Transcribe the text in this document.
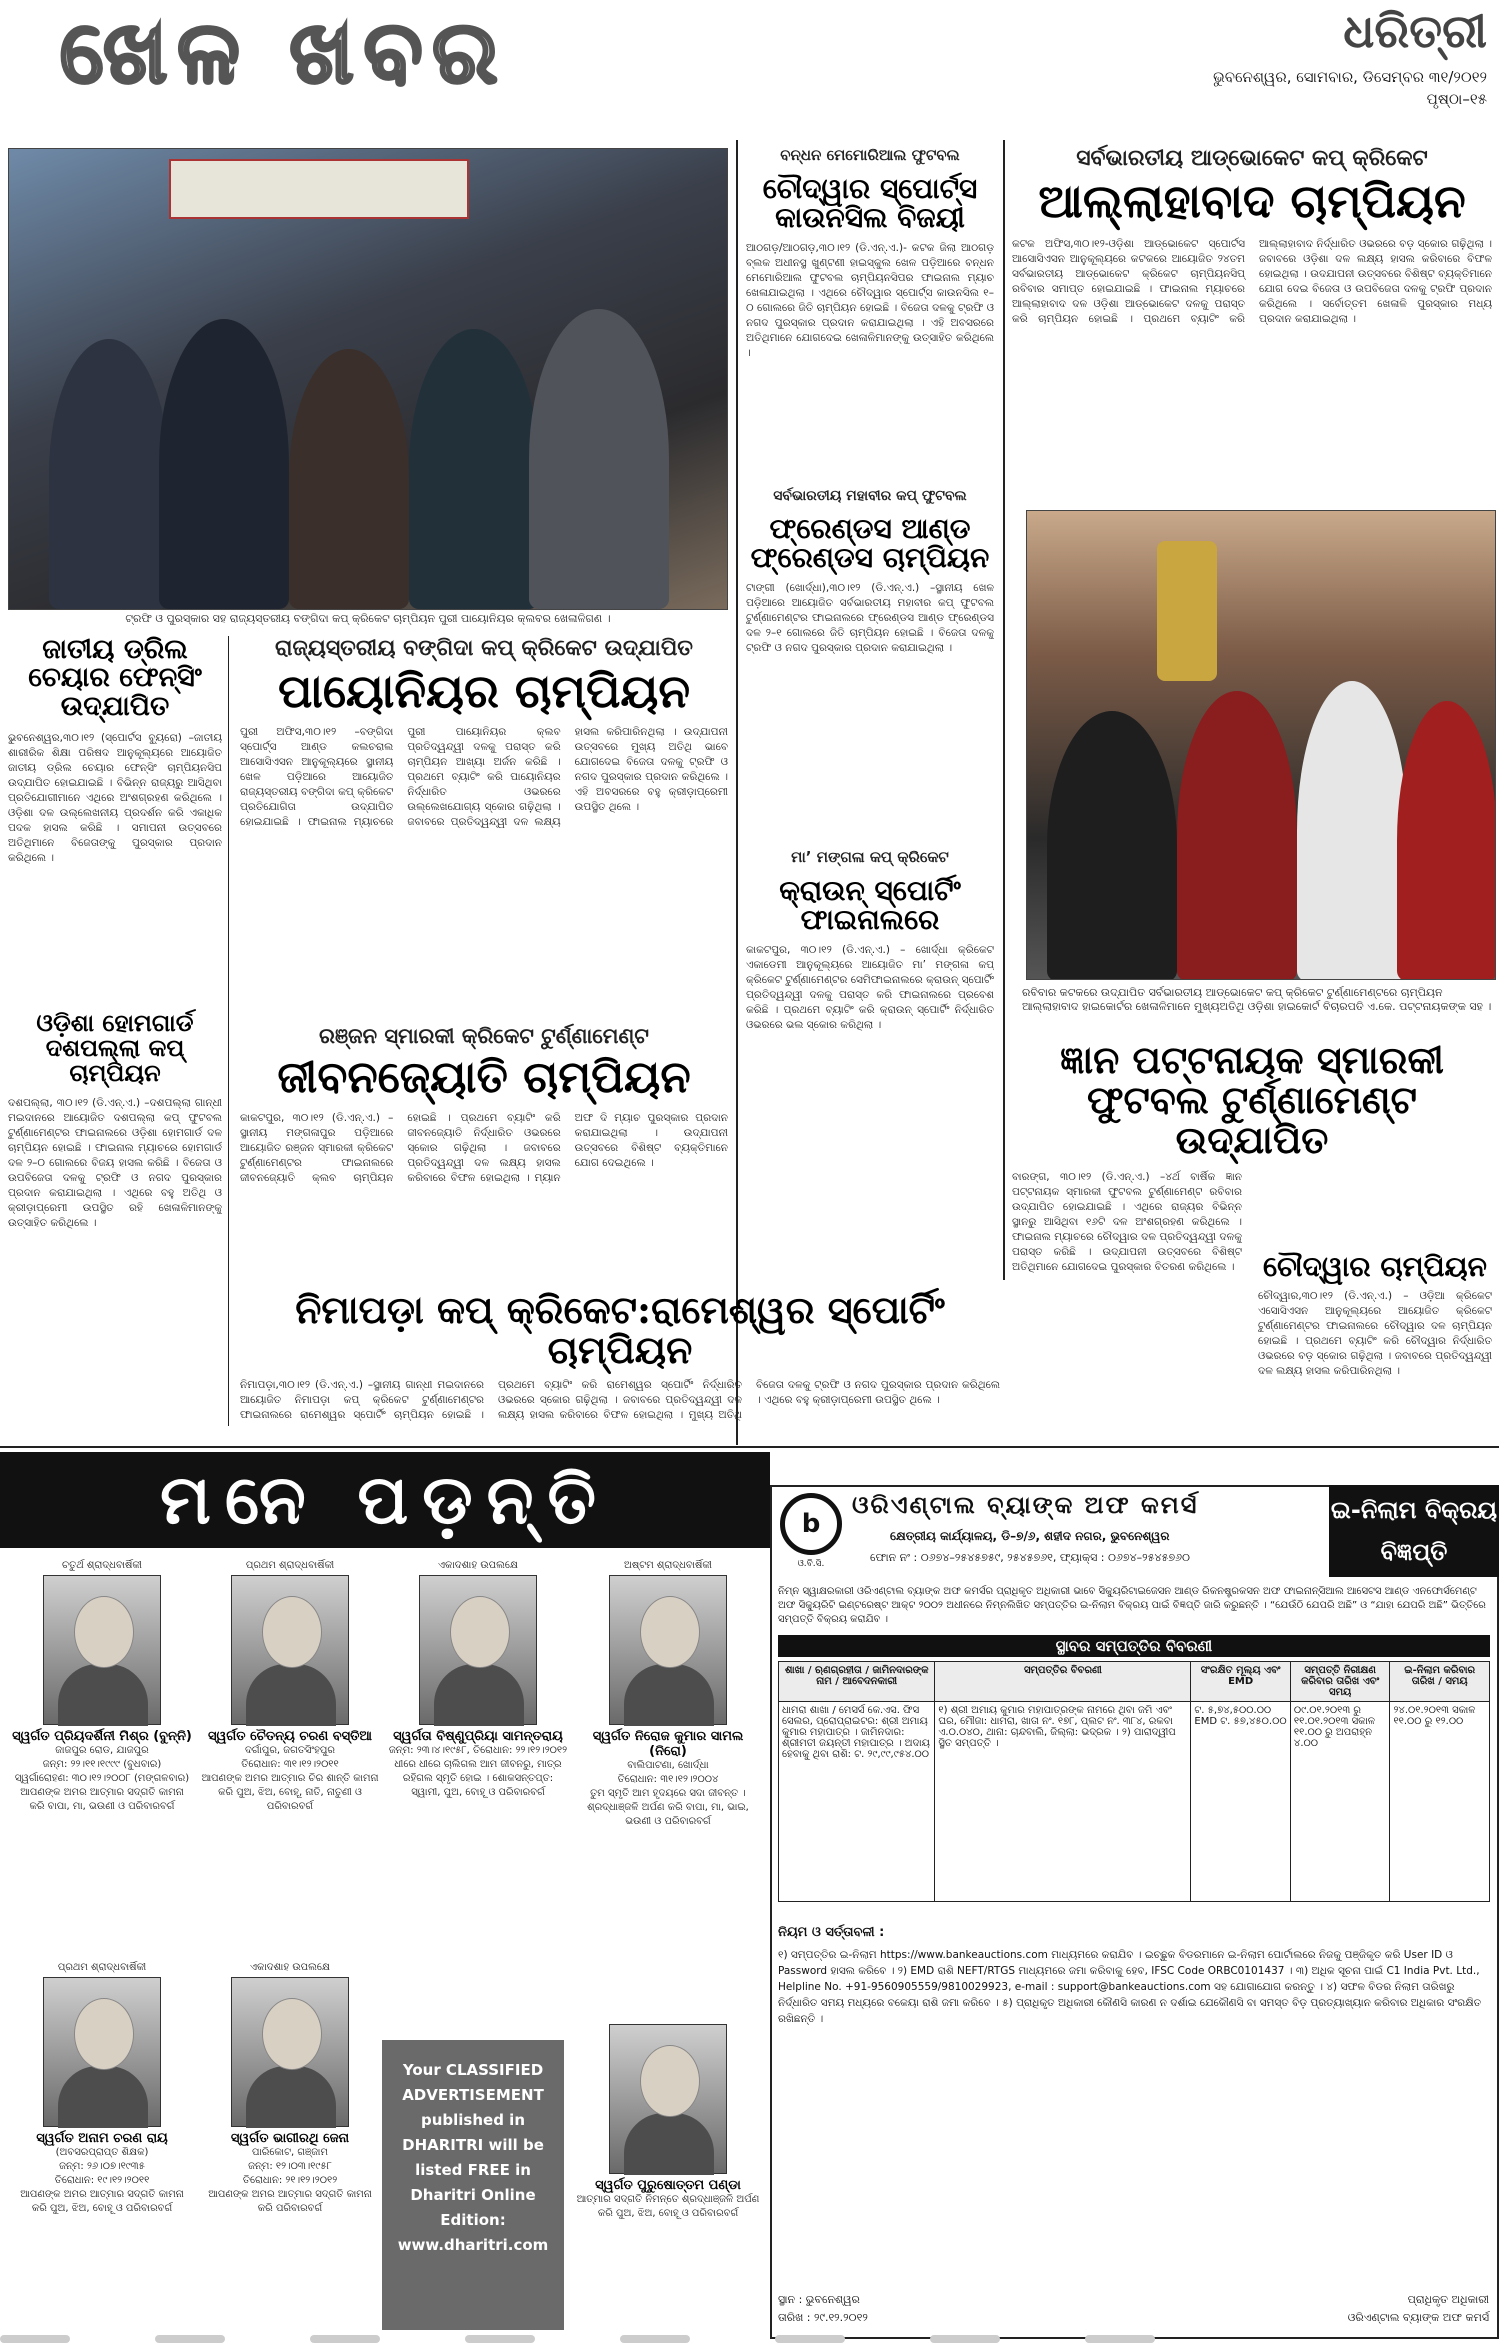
ଖେଳ ଖବର	ଧରିତ୍ରୀ
ଭୁବନେଶ୍ୱର, ସୋମବାର, ଡିସେମ୍ବର ୩୧/୨୦୧୨
ପୃଷ୍ଠା–୧୫
ଟ୍ରଫି ଓ ପୁରସ୍କାର ସହ ରାଜ୍ୟସ୍ତରୀୟ ବଙ୍ଗିଦା କପ୍ କ୍ରିକେଟ ଚାମ୍ପିୟନ ପୁରୀ ପାୟୋନିୟର କ୍ଲବର ଖେଳାଳିଗଣ ।
ବନ୍ଧନ ମେମୋରିଆଲ ଫୁଟବଲ
ଚୌଦ୍ୱାର ସ୍ପୋର୍ଟ୍ସ କାଉନସିଲ ବିଜୟୀ
ଆଠଗଡ଼/ଆଠଗଡ଼,୩୦।୧୨ (ଡି.ଏନ୍.ଏ.)- କଟକ ଜିଲା ଆଠଗଡ଼ ବ୍ଲକ ଅଧୀନସ୍ଥ ଖୁଣ୍ଟଣୀ ହାଇସ୍କୁଲ ଖେଳ ପଡ଼ିଆରେ ବନ୍ଧନ ମେମୋରିଆଲ ଫୁଟବଲ ଚାମ୍ପିୟନସିପର ଫାଇନାଲ ମ୍ୟାଚ ଖେଳାଯାଇଥିଲା । ଏଥିରେ ଚୌଦ୍ୱାର ସ୍ପୋର୍ଟ୍ସ କାଉନସିଲ ୧–୦ ଗୋଲରେ ଜିତି ଚାମ୍ପିୟନ ହୋଇଛି । ବିଜେତା ଦଳକୁ ଟ୍ରଫି ଓ ନଗଦ ପୁରସ୍କାର ପ୍ରଦାନ କରାଯାଇଥିଲା । ଏହି ଅବସରରେ ଅତିଥିମାନେ ଯୋଗଦେଇ ଖେଳାଳିମାନଙ୍କୁ ଉତ୍ସାହିତ କରିଥିଲେ ।
ସର୍ବଭାରତୀୟ ମହାବୀର କପ୍ ଫୁଟବଲ
ଫ୍ରେଣ୍ଡସ ଆଣ୍ଡ ଫ୍ରେଣ୍ଡସ ଚାମ୍ପିୟନ
ଟାଙ୍ଗୀ (ଖୋର୍ଦ୍ଧା),୩୦।୧୨ (ଡି.ଏନ୍.ଏ.) –ସ୍ଥାନୀୟ ଖେଳ ପଡ଼ିଆରେ ଆୟୋଜିତ ସର୍ବଭାରତୀୟ ମହାବୀର କପ୍ ଫୁଟବଲ ଟୁର୍ଣ୍ଣାମେଣ୍ଟର ଫାଇନାଲରେ ଫ୍ରେଣ୍ଡସ ଆଣ୍ଡ ଫ୍ରେଣ୍ଡସ ଦଳ ୨–୧ ଗୋଲରେ ଜିତି ଚାମ୍ପିୟନ ହୋଇଛି । ବିଜେତା ଦଳକୁ ଟ୍ରଫି ଓ ନଗଦ ପୁରସ୍କାର ପ୍ରଦାନ କରାଯାଇଥିଲା ।
ମା’ ମଙ୍ଗଳା କପ୍ କ୍ରିକେଟ
କ୍ରାଉନ୍ ସ୍ପୋର୍ଟିଂ ଫାଇନାଲରେ
କାକଟପୁର, ୩୦।୧୨ (ଡି.ଏନ୍.ଏ.) – ଖୋର୍ଦ୍ଧା କ୍ରିକେଟ ଏକାଡେମୀ ଆନୁକୂଲ୍ୟରେ ଆୟୋଜିତ ମା’ ମଙ୍ଗଳା କପ୍ କ୍ରିକେଟ ଟୁର୍ଣ୍ଣାମେଣ୍ଟର ସେମିଫାଇନାଲରେ କ୍ରାଉନ୍ ସ୍ପୋର୍ଟିଂ ପ୍ରତିଦ୍ୱନ୍ଦ୍ୱୀ ଦଳକୁ ପରାସ୍ତ କରି ଫାଇନାଲରେ ପ୍ରବେଶ କରିଛି । ପ୍ରଥମେ ବ୍ୟାଟିଂ କରି କ୍ରାଉନ୍ ସ୍ପୋର୍ଟିଂ ନିର୍ଦ୍ଧାରିତ ଓଭରରେ ଭଲ ସ୍କୋର କରିଥିଲା ।
ସର୍ବଭାରତୀୟ ଆଡ୍‌ଭୋକେଟ କପ୍ କ୍ରିକେଟ
ଆଲ୍ଲାହାବାଦ ଚାମ୍ପିୟନ
କଟକ ଅଫିସ,୩୦।୧୨-ଓଡ଼ିଶା ଆଡ୍‌ଭୋକେଟ ସ୍ପୋର୍ଟସ ଆସୋସିଏସନ ଆନୁକୂଲ୍ୟରେ କଟକରେ ଆୟୋଜିତ ୨୪ତମ ସର୍ବଭାରତୀୟ ଆଡ୍‌ଭୋକେଟ କ୍ରିକେଟ ଚାମ୍ପିୟନସିପ୍ ରବିବାର ସମାପ୍ତ ହୋଇଯାଇଛି । ଫାଇନାଲ ମ୍ୟାଚରେ ଆଲ୍ଲାହାବାଦ ଦଳ ଓଡ଼ିଶା ଆଡ୍‌ଭୋକେଟ ଦଳକୁ ପରାସ୍ତ କରି ଚାମ୍ପିୟନ ହୋଇଛି । ପ୍ରଥମେ ବ୍ୟାଟିଂ କରି ଆଲ୍ଲାହାବାଦ ନିର୍ଦ୍ଧାରିତ ଓଭରରେ ବଡ଼ ସ୍କୋର ଗଢ଼ିଥିଲା । ଜବାବରେ ଓଡ଼ିଶା ଦଳ ଲକ୍ଷ୍ୟ ହାସଲ କରିବାରେ ବିଫଳ ହୋଇଥିଲା । ଉଦଯାପନୀ ଉତ୍ସବରେ ବିଶିଷ୍ଟ ବ୍ୟକ୍ତିମାନେ ଯୋଗ ଦେଇ ବିଜେତା ଓ ଉପବିଜେତା ଦଳକୁ ଟ୍ରଫି ପ୍ରଦାନ କରିଥିଲେ । ସର୍ବୋତ୍ତମ ଖେଳାଳି ପୁରସ୍କାର ମଧ୍ୟ ପ୍ରଦାନ କରାଯାଇଥିଲା ।
ରବିବାର କଟକରେ ଉଦ୍‌ଯାପିତ ସର୍ବଭାରତୀୟ ଆଡ୍‌ଭୋକେଟ କପ୍ କ୍ରିକେଟ ଟୁର୍ଣ୍ଣାମେଣ୍ଟରେ ଚାମ୍ପିୟନ ଆଲ୍ଲାହାବାଦ ହାଇକୋର୍ଟର ଖେଳାଳିମାନେ ମୁଖ୍ୟଅତିଥି ଓଡ଼ିଶା ହାଇକୋର୍ଟ ବିଚାରପତି ଏ.କେ. ପଟ୍ଟନାୟକଙ୍କ ସହ ।
ଜାତୀୟ ଡ୍ରିଲ ଚେୟାର ଫେନ୍ସିଂ ଉଦ୍‌ଯାପିତ
ଭୁବନେଶ୍ୱର,୩୦।୧୨ (ସ୍ପୋର୍ଟସ ବ୍ୟୁରୋ) –ଜାତୀୟ ଶାରୀରିକ ଶିକ୍ଷା ପରିଷଦ ଆନୁକୂଲ୍ୟରେ ଆୟୋଜିତ ଜାତୀୟ ଡ୍ରିଲ ଚେୟାର ଫେନ୍ସିଂ ଚାମ୍ପିୟନସିପ ଉଦ୍‌ଯାପିତ ହୋଇଯାଇଛି । ବିଭିନ୍ନ ରାଜ୍ୟରୁ ଆସିଥିବା ପ୍ରତିଯୋଗୀମାନେ ଏଥିରେ ଅଂଶଗ୍ରହଣ କରିଥିଲେ । ଓଡ଼ିଶା ଦଳ ଉଲ୍ଲେଖନୀୟ ପ୍ରଦର୍ଶନ କରି ଏକାଧିକ ପଦକ ହାସଲ କରିଛି । ସମାପନୀ ଉତ୍ସବରେ ଅତିଥିମାନେ ବିଜେତାଙ୍କୁ ପୁରସ୍କାର ପ୍ରଦାନ କରିଥିଲେ ।
ରାଜ୍ୟସ୍ତରୀୟ ବଙ୍ଗିଦା କପ୍ କ୍ରିକେଟ ଉଦ୍‌ଯାପିତ
ପାୟୋନିୟର ଚାମ୍ପିୟନ
ପୁରୀ ଅଫିସ,୩୦।୧୨ –ବଙ୍ଗିଦା ସ୍ପୋର୍ଟ୍ସ ଆଣ୍ଡ କଲଚରାଲ ଆସୋସିଏସନ ଆନୁକୂଲ୍ୟରେ ସ୍ଥାନୀୟ ଖେଳ ପଡ଼ିଆରେ ଆୟୋଜିତ ରାଜ୍ୟସ୍ତରୀୟ ବଙ୍ଗିଦା କପ୍ କ୍ରିକେଟ ପ୍ରତିଯୋଗିତା ଉଦ୍‌ଯାପିତ ହୋଇଯାଇଛି । ଫାଇନାଲ ମ୍ୟାଚରେ ପୁରୀ ପାୟୋନିୟର କ୍ଲବ ପ୍ରତିଦ୍ୱନ୍ଦ୍ୱୀ ଦଳକୁ ପରାସ୍ତ କରି ଚାମ୍ପିୟନ ଆଖ୍ୟା ଅର୍ଜନ କରିଛି । ପ୍ରଥମେ ବ୍ୟାଟିଂ କରି ପାୟୋନିୟର ନିର୍ଦ୍ଧାରିତ ଓଭରରେ ଉଲ୍ଲେଖଯୋଗ୍ୟ ସ୍କୋର ଗଢ଼ିଥିଲା । ଜବାବରେ ପ୍ରତିଦ୍ୱନ୍ଦ୍ୱୀ ଦଳ ଲକ୍ଷ୍ୟ ହାସଲ କରିପାରିନଥିଲା । ଉଦ୍‌ଯାପନୀ ଉତ୍ସବରେ ମୁଖ୍ୟ ଅତିଥି ଭାବେ ଯୋଗଦେଇ ବିଜେତା ଦଳକୁ ଟ୍ରଫି ଓ ନଗଦ ପୁରସ୍କାର ପ୍ରଦାନ କରିଥିଲେ । ଏହି ଅବସରରେ ବହୁ କ୍ରୀଡ଼ାପ୍ରେମୀ ଉପସ୍ଥିତ ଥିଲେ ।
ଓଡ଼ିଶା ହୋମଗାର୍ଡ ଦଶପଲ୍ଲା କପ୍ ଚାମ୍ପିୟନ
ଦଶପଲ୍ଲା, ୩୦।୧୨ (ଡି.ଏନ୍.ଏ.) –ଦଶପଲ୍ଲା ଗାନ୍ଧୀ ମଇଦାନରେ ଆୟୋଜିତ ଦଶପଲ୍ଲା କପ୍ ଫୁଟବଲ ଟୁର୍ଣ୍ଣାମେଣ୍ଟର ଫାଇନାଲରେ ଓଡ଼ିଶା ହୋମଗାର୍ଡ ଦଳ ଚାମ୍ପିୟନ ହୋଇଛି । ଫାଇନାଲ ମ୍ୟାଚରେ ହୋମଗାର୍ଡ ଦଳ ୨–୦ ଗୋଲରେ ବିଜୟ ହାସଲ କରିଛି । ବିଜେତା ଓ ଉପବିଜେତା ଦଳକୁ ଟ୍ରଫି ଓ ନଗଦ ପୁରସ୍କାର ପ୍ରଦାନ କରାଯାଇଥିଲା । ଏଥିରେ ବହୁ ଅତିଥି ଓ କ୍ରୀଡ଼ାପ୍ରେମୀ ଉପସ୍ଥିତ ରହି ଖେଳାଳିମାନଙ୍କୁ ଉତ୍ସାହିତ କରିଥିଲେ ।
ରଞ୍ଜନ ସ୍ମାରକୀ କ୍ରିକେଟ ଟୁର୍ଣ୍ଣାମେଣ୍ଟ
ଜୀବନଜ୍ୟୋତି ଚାମ୍ପିୟନ
କାକଟପୁର, ୩୦।୧୨ (ଡି.ଏନ୍.ଏ.) –ସ୍ଥାନୀୟ ମଙ୍ଗଳାପୁର ପଡ଼ିଆରେ ଆୟୋଜିତ ରଞ୍ଜନ ସ୍ମାରକୀ କ୍ରିକେଟ ଟୁର୍ଣ୍ଣାମେଣ୍ଟର ଫାଇନାଲରେ ଜୀବନଜ୍ୟୋତି କ୍ଲବ ଚାମ୍ପିୟନ ହୋଇଛି । ପ୍ରଥମେ ବ୍ୟାଟିଂ କରି ଜୀବନଜ୍ୟୋତି ନିର୍ଦ୍ଧାରିତ ଓଭରରେ ସ୍କୋର ଗଢ଼ିଥିଲା । ଜବାବରେ ପ୍ରତିଦ୍ୱନ୍ଦ୍ୱୀ ଦଳ ଲକ୍ଷ୍ୟ ହାସଲ କରିବାରେ ବିଫଳ ହୋଇଥିଲା । ମ୍ୟାନ ଅଫ ଦି ମ୍ୟାଚ ପୁରସ୍କାର ପ୍ରଦାନ କରାଯାଇଥିଲା । ଉଦ୍‌ଯାପନୀ ଉତ୍ସବରେ ବିଶିଷ୍ଟ ବ୍ୟକ୍ତିମାନେ ଯୋଗ ଦେଇଥିଲେ ।
ଜ୍ଞାନ ପଟ୍ଟନାୟକ ସ୍ମାରକୀ ଫୁଟବଲ ଟୁର୍ଣ୍ଣାମେଣ୍ଟ ଉଦ୍‌ଯାପିତ
ବାରଙ୍ଗ, ୩୦।୧୨ (ଡି.ଏନ୍.ଏ.) –୪ର୍ଥ ବାର୍ଷିକ ଜ୍ଞାନ ପଟ୍ଟନାୟକ ସ୍ମାରକୀ ଫୁଟବଲ ଟୁର୍ଣ୍ଣାମେଣ୍ଟ ରବିବାର ଉଦ୍‌ଯାପିତ ହୋଇଯାଇଛି । ଏଥିରେ ରାଜ୍ୟର ବିଭିନ୍ନ ସ୍ଥାନରୁ ଆସିଥିବା ୧୬ଟି ଦଳ ଅଂଶଗ୍ରହଣ କରିଥିଲେ । ଫାଇନାଲ ମ୍ୟାଚରେ ଚୌଦ୍ୱାର ଦଳ ପ୍ରତିଦ୍ୱନ୍ଦ୍ୱୀ ଦଳକୁ ପରାସ୍ତ କରିଛି । ଉଦ୍‌ଯାପନୀ ଉତ୍ସବରେ ବିଶିଷ୍ଟ ଅତିଥିମାନେ ଯୋଗଦେଇ ପୁରସ୍କାର ବିତରଣ କରିଥିଲେ । ଚୌଦ୍ୱାର ଚାମ୍ପିୟନ
ଚୌଦ୍ୱାର,୩୦।୧୨ (ଡି.ଏନ୍.ଏ.) – ଓଡ଼ିଆ କ୍ରିକେଟ ଏସୋସିଏସନ ଆନୁକୂଲ୍ୟରେ ଆୟୋଜିତ କ୍ରିକେଟ ଟୁର୍ଣ୍ଣାମେଣ୍ଟର ଫାଇନାଲରେ ଚୌଦ୍ୱାର ଦଳ ଚାମ୍ପିୟନ ହୋଇଛି । ପ୍ରଥମେ ବ୍ୟାଟିଂ କରି ଚୌଦ୍ୱାର ନିର୍ଦ୍ଧାରିତ ଓଭରରେ ବଡ଼ ସ୍କୋର ଗଢ଼ିଥିଲା । ଜବାବରେ ପ୍ରତିଦ୍ୱନ୍ଦ୍ୱୀ ଦଳ ଲକ୍ଷ୍ୟ ହାସଲ କରିପାରିନଥିଲା ।
ନିମାପଡ଼ା କପ୍ କ୍ରିକେଟ:ରାମେଶ୍ୱର ସ୍ପୋର୍ଟିଂ ଚାମ୍ପିୟନ
ନିମାପଡ଼ା,୩୦।୧୨ (ଡି.ଏନ୍.ଏ.) –ସ୍ଥାନୀୟ ଗାନ୍ଧୀ ମଇଦାନରେ ଆୟୋଜିତ ନିମାପଡ଼ା କପ୍ କ୍ରିକେଟ ଟୁର୍ଣ୍ଣାମେଣ୍ଟର ଫାଇନାଲରେ ରାମେଶ୍ୱର ସ୍ପୋର୍ଟିଂ ଚାମ୍ପିୟନ ହୋଇଛି । ପ୍ରଥମେ ବ୍ୟାଟିଂ କରି ରାମେଶ୍ୱର ସ୍ପୋର୍ଟିଂ ନିର୍ଦ୍ଧାରିତ ଓଭରରେ ସ୍କୋର ଗଢ଼ିଥିଲା । ଜବାବରେ ପ୍ରତିଦ୍ୱନ୍ଦ୍ୱୀ ଦଳ ଲକ୍ଷ୍ୟ ହାସଲ କରିବାରେ ବିଫଳ ହୋଇଥିଲା । ମୁଖ୍ୟ ଅତିଥି ବିଜେତା ଦଳକୁ ଟ୍ରଫି ଓ ନଗଦ ପୁରସ୍କାର ପ୍ରଦାନ କରିଥିଲେ । ଏଥିରେ ବହୁ କ୍ରୀଡ଼ାପ୍ରେମୀ ଉପସ୍ଥିତ ଥିଲେ ।
ମନେ ପଡ଼ନ୍ତି
ଚତୁର୍ଥ ଶ୍ରାଦ୍ଧବାର୍ଷିକୀ
ସ୍ୱର୍ଗତ ପ୍ରିୟଦର୍ଶିନୀ ମିଶ୍ର (ବୁନ୍ନି)
ଜାଜପୁର ରୋଡ, ଯାଜପୁର
ଜନ୍ମ: ୨୨।୧୧।୧୯୯୯ (ବୁଧବାର)
ସ୍ୱର୍ଗାରୋହଣ: ୩୦।୧୨।୨୦୦୮ (ମଙ୍ଗଳବାର)
ଆପଣଙ୍କ ଅମର ଆତ୍ମାର ସଦ୍‌ଗତି କାମନା କରି ବାପା, ମା, ଭଉଣୀ ଓ ପରିବାରବର୍ଗ
ପ୍ରଥମ ଶ୍ରାଦ୍ଧବାର୍ଷିକୀ
ସ୍ୱର୍ଗତ ଚୈତନ୍ୟ ଚରଣ ବସ୍ତିଆ
ଦର୍ଗାପୁର, ଜଗତସିଂହପୁର
ତିରୋଧାନ: ୩୧।୧୨।୨୦୧୧
ଆପଣଙ୍କ ଅମର ଆତ୍ମାର ଚିର ଶାନ୍ତି କାମନା କରି ପୁଅ, ଝିଅ, ବୋହୂ, ନାତି, ନାତୁଣୀ ଓ ପରିବାରବର୍ଗ
ଏକାଦଶାହ ଉପଲକ୍ଷେ
ସ୍ୱର୍ଗତା ବିଷ୍ଣୁପ୍ରିୟା ସାମନ୍ତରାୟ
ଜନ୍ମ: ୨୩।୪।୧୯୫୮, ତିରୋଧାନ: ୨୨।୧୨।୨୦୧୨
ଧୀରେ ଧୀରେ ଚାଲିଗଲ ଆମ ଜୀବନରୁ, ମାତ୍ର ରହିଗଲ ସ୍ମୃତି ହୋଇ । ଶୋକସନ୍ତପ୍ତ: ସ୍ୱାମୀ, ପୁଅ, ବୋହୂ ଓ ପରିବାରବର୍ଗ
ଅଷ୍ଟମ ଶ୍ରାଦ୍ଧବାର୍ଷିକୀ
ସ୍ୱର୍ଗତ ନିରୋଜ କୁମାର ସାମଲ (ନିରୋ)
ବାଲିପାଟଣା, ଖୋର୍ଦ୍ଧା
ତିରୋଧାନ: ୩୧।୧୨।୨୦୦୪
ତୁମ ସ୍ମୃତି ଆମ ହୃଦୟରେ ସଦା ଜୀବନ୍ତ । ଶ୍ରଦ୍ଧାଞ୍ଜଳି ଅର୍ପଣ କରି ବାପା, ମା, ଭାଇ, ଭଉଣୀ ଓ ପରିବାରବର୍ଗ
ପ୍ରଥମ ଶ୍ରାଦ୍ଧବାର୍ଷିକୀ
ସ୍ୱର୍ଗତ ଅନାମ ଚରଣ ରାୟ
(ଅବସରପ୍ରାପ୍ତ ଶିକ୍ଷକ)
ଜନ୍ମ: ୨୬।୦୭।୧୯୩୫
ତିରୋଧାନ: ୧୯।୧୨।୨୦୧୧
ଆପଣଙ୍କ ଅମର ଆତ୍ମାର ସଦ୍‌ଗତି କାମନା କରି ପୁଅ, ଝିଅ, ବୋହୂ ଓ ପରିବାରବର୍ଗ
ଏକାଦଶାହ ଉପଲକ୍ଷେ
ସ୍ୱର୍ଗତ ଭାଗୀରଥି ଜେନା
ପାରିକୋଟ, ଗଞ୍ଜାମ
ଜନ୍ମ: ୧୨।୦୩।୧୯୫୮
ତିରୋଧାନ: ୨୧।୧୨।୨୦୧୨
ଆପଣଙ୍କ ଅମର ଆତ୍ମାର ସଦ୍‌ଗତି କାମନା କରି ପରିବାରବର୍ଗ
Your CLASSIFIED ADVERTISEMENT published in DHARITRI will be listed FREE in Dharitri Online Edition: www.dharitri.com
ସ୍ୱର୍ଗତ ପୁରୁଷୋତ୍ତମ ପଣ୍ଡା
ଆତ୍ମାର ସଦ୍‌ଗତି ନିମନ୍ତେ ଶ୍ରଦ୍ଧାଞ୍ଜଳି ଅର୍ପଣ କରି ପୁଅ, ଝିଅ, ବୋହୂ ଓ ପରିବାରବର୍ଗ
b
ଓ.ବି.ସି.
ଓରିଏଣ୍ଟାଲ ବ୍ୟାଙ୍କ ଅଫ କମର୍ସ
କ୍ଷେତ୍ରୀୟ କାର୍ଯ୍ୟାଳୟ, ଡି–୭/୬, ଶହୀଦ ନଗର, ଭୁବନେଶ୍ୱର
ଫୋନ ନଂ : ୦୬୭୪–୨୫୪୫୭୫୯, ୨୫୪୫୭୬୧, ଫ୍ୟାକ୍ସ : ୦୬୭୪–୨୫୪୫୭୬୦
ଇ-ନିଲାମ ବିକ୍ରୟ ବିଜ୍ଞପ୍ତି
ନିମ୍ନ ସ୍ୱାକ୍ଷରକାରୀ ଓରିଏଣ୍ଟାଲ ବ୍ୟାଙ୍କ ଅଫ କମର୍ସର ପ୍ରାଧିକୃତ ଅଧିକାରୀ ଭାବେ ସିକ୍ୟୁରିଟାଇଜେସନ ଆଣ୍ଡ ରିକନଷ୍ଟ୍ରକସନ ଅଫ ଫାଇନାନ୍ସିଆଲ ଆସେଟସ ଆଣ୍ଡ ଏନଫୋର୍ସମେଣ୍ଟ ଅଫ ସିକ୍ୟୁରିଟି ଇଣ୍ଟରେଷ୍ଟ ଆକ୍ଟ ୨୦୦୨ ଅଧୀନରେ ନିମ୍ନଲିଖିତ ସମ୍ପତ୍ତିର ଇ-ନିଲାମ ବିକ୍ରୟ ପାଇଁ ବିଜ୍ଞପ୍ତି ଜାରି କରୁଛନ୍ତି । “ଯେଉଁଠି ଯେପରି ଅଛି” ଓ “ଯାହା ଯେପରି ଅଛି” ଭିତ୍ତିରେ ସମ୍ପତ୍ତି ବିକ୍ରୟ କରାଯିବ ।
ସ୍ଥାବର ସମ୍ପତ୍ତିର ବିବରଣୀ
ଶାଖା / ଋଣଗ୍ରହୀତା / ଜାମିନଦାରଙ୍କ ନାମ / ଆବେଦନକାରୀ	ସମ୍ପତ୍ତିର ବିବରଣୀ	ସଂରକ୍ଷିତ ମୂଲ୍ୟ ଏବଂ EMD	ସମ୍ପତ୍ତି ନିରୀକ୍ଷଣ କରିବାର ତାରିଖ ଏବଂ ସମୟ	ଇ-ନିଲାମ କରିବାର ତାରିଖ / ସମୟ
ଧାମରା ଶାଖା / ମେସର୍ସ କେ.ଏସ. ଫିସ ସେଲର, ପ୍ରୋପ୍ରାଇଟର: ଶ୍ରୀ ଅମାୟ କୁମାର ମହାପାତ୍ର । ଜାମିନଦାର: ଶ୍ରୀମତୀ ଜୟନ୍ତୀ ମହାପାତ୍ର । ଅଦାୟ ହେବାକୁ ଥିବା ରାଶି: ଟ. ୨୯,୯୯,୯୫୪.୦୦	୧) ଶ୍ରୀ ଅମାୟ କୁମାର ମହାପାତ୍ରଙ୍କ ନାମରେ ଥିବା ଜମି ଏବଂ ଘର, ମୌଜା: ଧାମରା, ଖାତା ନଂ. ୧୭୮, ପ୍ଲଟ ନଂ. ୩୮୪, ରକବା ଏ.୦.୦୪୦, ଥାନା: ଚାନ୍ଦବାଲି, ଜିଲ୍ଲା: ଭଦ୍ରକ । ୨) ପାରାଦ୍ୱୀପ ସ୍ଥିତ ସମ୍ପତ୍ତି ।	ଟ. ୫,୭୪,୫୦୦.୦୦ EMD ଟ. ୫୭,୪୫୦.୦୦	୦୯.୦୧.୨୦୧୩ ରୁ ୧୧.୦୧.୨୦୧୩ ସକାଳ ୧୧.୦୦ ରୁ ଅପରାହ୍ନ ୪.୦୦	୨୪.୦୧.୨୦୧୩ ସକାଳ ୧୧.୦୦ ରୁ ୧୨.୦୦
ନିୟମ ଓ ସର୍ତ୍ତାବଳୀ :
୧) ସମ୍ପତ୍ତିର ଇ-ନିଲାମ https://www.bankeauctions.com ମାଧ୍ୟମରେ କରାଯିବ । ଇଚ୍ଛୁକ ବିଡରମାନେ ଇ-ନିଲାମ ପୋର୍ଟାଲରେ ନିଜକୁ ପଞ୍ଜିକୃତ କରି User ID ଓ Password ହାସଲ କରିବେ । ୨) EMD ରାଶି NEFT/RTGS ମାଧ୍ୟମରେ ଜମା କରିବାକୁ ହେବ, IFSC Code ORBC0101437 । ୩) ଅଧିକ ସୂଚନା ପାଇଁ C1 India Pvt. Ltd., Helpline No. +91-9560905559/9810029923, e-mail : support@bankeauctions.com ସହ ଯୋଗାଯୋଗ କରନ୍ତୁ । ୪) ସଫଳ ବିଡର ନିଲାମ ତାରିଖରୁ ନିର୍ଦ୍ଧାରିତ ସମୟ ମଧ୍ୟରେ ବକେୟା ରାଶି ଜମା କରିବେ । ୫) ପ୍ରାଧିକୃତ ଅଧିକାରୀ କୌଣସି କାରଣ ନ ଦର୍ଶାଇ ଯେକୌଣସି ବା ସମସ୍ତ ବିଡ଼ ପ୍ରତ୍ୟାଖ୍ୟାନ କରିବାର ଅଧିକାର ସଂରକ୍ଷିତ ରଖିଛନ୍ତି ।
ସ୍ଥାନ : ଭୁବନେଶ୍ୱର
ତାରିଖ : ୨୯.୧୨.୨୦୧୨
ପ୍ରାଧିକୃତ ଅଧିକାରୀ
ଓରିଏଣ୍ଟାଲ ବ୍ୟାଙ୍କ ଅଫ କମର୍ସ
